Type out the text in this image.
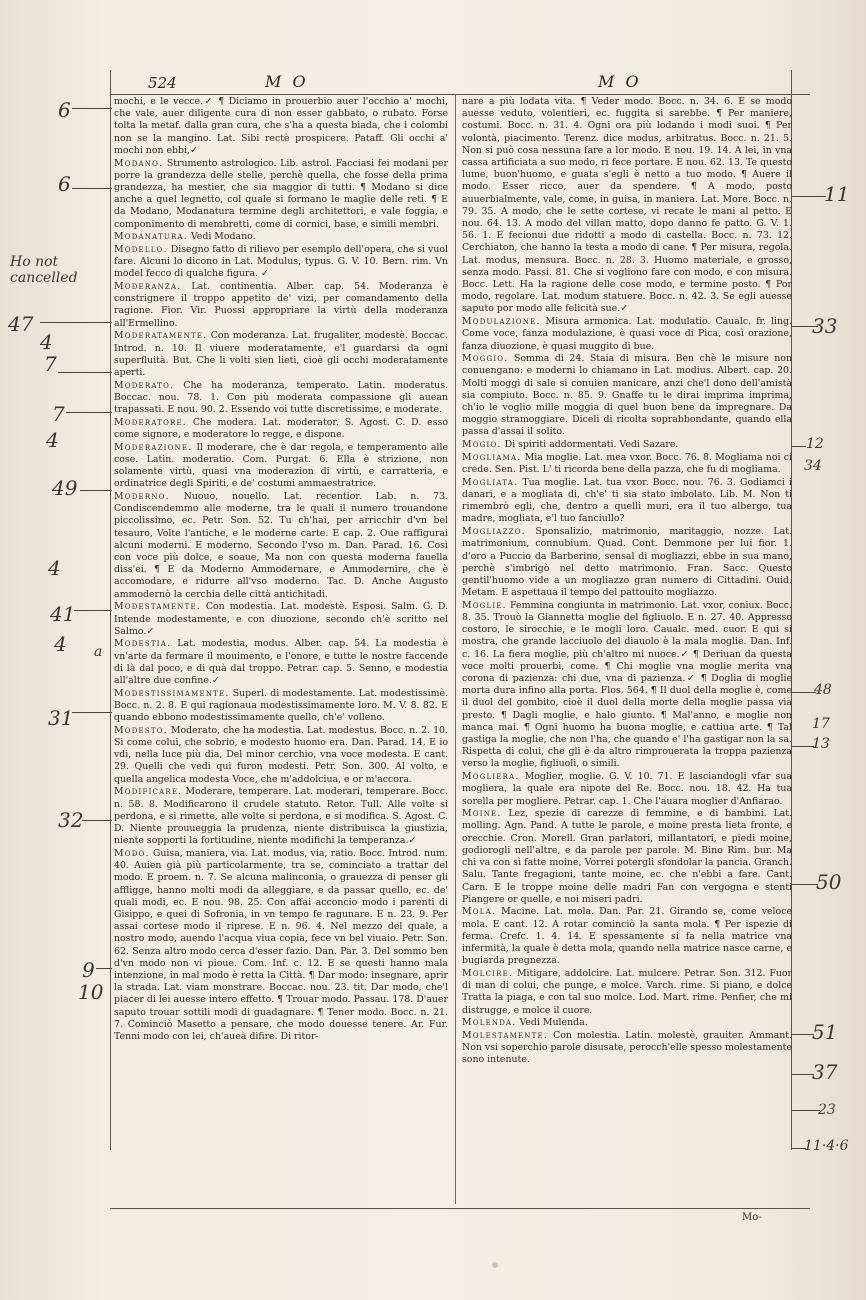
524	M O	M O

mochi, e le vecce.✓ ¶ Diciamo in prouerbio auer l'occhio a' mochi, che vale, auer diligente cura di non esser gabbato, o rubato. Forse tolta la metaf. dalla gran cura, che s'ha a questa biada, che i colombi non se la mangino. Lat. Sibi rectè prospicere. Pataff. Gli occhi a' mochi non ebbi,✓

Modano. Strumento astrologico. Lib. astrol. Facciasi fei modani per porre la grandezza delle stelle, perchè quella, che fosse della prima grandezza, ha mestier, che sia maggior di tutti. ¶ Modano si dice anche a quel legnetto, col quale si formano le maglie delle reti. ¶ E da Modano, Modanatura termine degli architettori, e vale foggia, e componimento di membretti, come di cornici, base, e simili membri.

Modanatura. Vedi Modano.

Modello. Disegno fatto di rilievo per esemplo dell'opera, che si vuol fare. Alcuni lo dicono in Lat. Modulus, typus. G. V. 10. Bern. rim. Vn model fecco di qualche figura. ✓

Moderanza. Lat. continentia. Alber. cap. 54. Moderanza è constrignere il troppo appetito de' vizi, per comandamento della ragione. Fior. Vir. Puossi appropriare la virtù della moderanza all'Ermellino.

Moderatamente. Con moderanza. Lat. frugaliter, modestè. Boccac. Introd. n. 10. Il viuere moderatamente, e'l guardarsi da ogni superfluità. But. Che li volti sien lieti, cioè gli occhi moderatamente aperti.

Moderato. Che ha moderanza, temperato. Latin. moderatus. Boccac. nou. 78. 1. Con più moderata compassione gli auean trapassati. E nou. 90. 2. Essendo voi tutte discretissime, e moderate.

Moderatore. Che modera. Lat. moderator. S. Agost. C. D. esso come signore, e moderatore lo regge, e dispone.

Moderazione. Il moderare, che è dar regola, e temperamento alle cose. Latin. moderatio. Com. Purgat. 6. Ella è strizione, non solamente virtù, quasi vna moderazion di virtù, e carratteria, e ordinatrice degli Spiriti, e de' costumi ammaestratrice.

Moderno. Nuouo, nouello. Lat. recentior. Lab. n. 73. Condiscendemmo alle moderne, tra le quali il numero trouandone piccolissimo, ec. Petr. Son. 52. Tu ch'hai, per arricchir d'vn bel tesauro, Volte l'antiche, e le moderne carte. E cap. 2. Oue raffigurai alcuni moderni. E moderno. Secondo l'vso m. Dan. Parad. 16. Così con voce più dolce, e soaue, Ma non con questa moderna fauella diss'ei. ¶ E da Moderno Ammodernare, e Ammodernire, che è accomodare, e ridurre all'vso moderno. Tac. D. Anche Augusto ammodernò la cerchia delle città antichitadi.

Modestamente. Con modestia. Lat. modestè. Esposi. Salm. G. D. Intende modestamente, e con diuozione, secondo ch'è scritto nel Salmo.✓

Modestia. Lat. modestia, modus. Alber. cap. 54. La modestia è vn'arte da fermare il mouimento, e l'onore, e tutte le nostre faccende di là dal poco, e di quà dal troppo. Petrar. cap. 5. Senno, e modestia all'altre due confine.✓

Modestissimamente. Superl. di modestamente. Lat. modestissimè. Bocc. n. 2. 8. E qui ragionaua modestissimamente loro. M. V. 8. 82. E quando ebbono modestissimamente quello, ch'e' volleno.

Modesto. Moderato, che ha modestia. Lat. modestus. Bocc. n. 2. 10. Si come colui, che sobrio, e modesto huomo era. Dan. Parad. 14. E io vdi, nella luce più dia, Del minor cerchio, vna voce modesta. E cant. 29. Quelli che vedi qui furon modesti. Petr. Son. 300. Al volto, e quella angelica modesta Voce, che m'addolciua, e or m'accora.

Modificare. Moderare, temperare. Lat. moderari, temperare. Bocc. n. 58. 8. Modificarono il crudele statuto. Retor. Tull. Alle volte si perdona, e si rimette, alle volte si perdona, e si modifica. S. Agost. C. D. Niente prouueggia la prudenza, niente distribuisca la giustizia, niente sopporti la fortitudine, niente modifichi la temperanza.✓

Modo. Guisa, maniera, via. Lat. modus, via, ratio. Bocc. Introd. num. 40. Auien già più particolarmente, tra se, cominciato a trattar del modo. E proem. n. 7. Se alcuna malinconia, o grauezza di penser gli affligge, hanno molti modi da alleggiare, e da passar quello, ec. de' quali modi, ec. E nou. 98. 25. Con affai acconcio modo i parenti di Gisippo, e quei di Sofronia, in vn tempo fe ragunare. E n. 23. 9. Per assai cortese modo il riprese. E n. 96. 4. Nel mezzo del quale, a nostro modo, auendo l'acqua viua copia, fece vn bel viuaio. Petr. Son. 62. Senza altro modo cerca d'esser fazio. Dan. Par. 3. Del sommo ben d'vn modo non vi pioue. Com. Inf. c. 12. E se questi hanno mala intenzione, in mal modo è retta la Città. ¶ Dar modo: insegnare, aprir la strada. Lat. viam monstrare. Boccac. nou. 23. tit. Dar modo, che'l piacer di lei auesse intero effetto. ¶ Trouar modo. Passau. 178. D'auer saputo trouar sottili modi di guadagnare. ¶ Tener modo. Bocc. n. 21. 7. Cominciò Masetto a pensare, che modo douesse tenere. Ar. Fur. Tenni modo con lei, ch'aueà difire. Di ritor-

nare a più lodata vita. ¶ Veder modo. Bocc. n. 34. 6. E se modo auesse veduto, volentieri, ec. fuggita si sarebbe. ¶ Per maniere, costumi. Bocc. n. 31. 4. Ogni ora più lodando i modi suoi. ¶ Per volontà, piacimento. Terenz. dice modus, arbitratus. Bocc. n. 21. 5. Non si può cosa nessuna fare a lor modo. E nou. 19. 14. A lei, in vna cassa artificiata a suo modo, ri fece portare. E nou. 62. 13. Te questo lume, buon'huomo, e guata s'egli è netto a tuo modo. ¶ Auere il modo. Esser ricco, auer da spendere. ¶ A modo, posto auuerbialmente, vale, come, in guisa, in maniera. Lat. More. Bocc. n. 79. 35. A modo, che le sette cortese, vi recate le mani al petto. E nou. 64. 13. A modo del villan matto, dopo danno fe patto. G. V. 1. 56. 1. E fecionui due ridotti a modo di castella. Bocc. n. 73. 12. Cerchiaton, che hanno la testa a modo di cane. ¶ Per misura, regola. Lat. modus, mensura. Bocc. n. 28. 3. Huomo materiale, e grosso, senza modo. Passi. 81. Che si vogliono fare con modo, e con misura. Bocc. Lett. Ha la ragione delle cose modo, e termine posto. ¶ Por modo, regolare. Lat. modum statuere. Bocc. n. 42. 3. Se egli auesse saputo por modo alle felicità sue.✓

Modulazione. Misura armonica. Lat. modulatio. Caualc. fr. ling. Come voce, fanza modulazione, è quasi voce di Pica, così orazione, fanza diuozione, è quasi muggito di bue.

Moggio. Somma di 24. Staia di misura. Ben chè le misure non conuengano: e moderni lo chiamano in Lat. modius. Albert. cap. 20. Molti moggi di sale si conuien manicare, anzi che'l dono dell'amistà sia compiuto. Bocc. n. 85. 9. Gnaffe tu le dirai imprima imprima, ch'io le voglio mille moggia di quel buon bene da impregnare. Da moggio stramoggiare. Diceli di ricolta soprabbondante, quando ella passa d'assai il solito.

Mogio. Di spiriti addormentati. Vedi Sazare.

Mogliama. Mia moglie. Lat. mea vxor. Bocc. 76. 8. Mogliama noi ci crede. Sen. Pist. L' ti ricorda bene della pazza, che fu di mogliama.

Mogliata. Tua moglie. Lat. tua vxor. Bocc. nou. 76. 3. Godiamci i danari, e a mogliata di, ch'e' ti sia stato imbolato. Lib. M. Non ti rimembrò egli, che, dentro a quelli muri, era il tuo albergo, tua madre, mogliata, e'l tuo fanciullo?

Mogliazzo. Sponsalizio, matrimonio, maritaggio, nozze. Lat. matrimonium, connubium. Quad. Cont. Demmone per lui fior. 1. d'oro a Puccio da Barberino, sensal di mogliazzi, ebbe in sua mano, perchè s'imbrigò nel detto matrimonio. Fran. Sacc. Questo gentil'huomo vide a un mogliazzo gran numero di Cittadini. Ouid. Metam. E aspettaua il tempo del pattouito mogliazzo.

Moglie. Femmina congiunta in matrimonio. Lat. vxor, coniux. Bocc. 8. 35. Trouò la Giannetta moglie del figliuolo. E n. 27. 40. Appresso costoro, le sirocchie, e le mogli loro. Caualc. med. cuor. E qui si mostra, che grande lacciuolo del diauolo è la mala moglie. Dan. Inf. c. 16. La fiera moglie, più ch'altro mi nuoce.✓ ¶ Deriuan da questa voce molti prouerbi, come. ¶ Chi moglie vna moglie merita vna corona di pazienza: chi due, vna di pazienza.✓ ¶ Doglia di moglie morta dura infino alla porta. Flos. 564. ¶ Il duol della moglie è, come il duol del gombito, cioè il duol della morte della moglie passa via presto. ¶ Dagli moglie, e halo giunto. ¶ Mal'anno, e moglie non manca mai. ¶ Ogni huomo ha buona moglie, e cattiua arte. ¶ Tal gastiga la moglie, che non l'ha, che quando e' l'ha gastigar non la sa. Rispetta di colui, che gli è da altro rimprouerata la troppa pazienza verso la moglie, figliuoli, o simili.

Mogliera. Moglier, moglie. G. V. 10. 71. E lasciandogli vfar sua mogliera, la quale era nipote del Re. Bocc. nou. 18. 42. Ha tua sorella per mogliere. Petrar. cap. 1. Che l'auara moglier d'Anfiarao.

Moine. Lez, spezie di carezze di femmine, e di bambini. Lat. molling. Agn. Pand. A tutte le parole, e moine presta lieta fronte, e orecchie. Cron. Morell. Gran parlatori, millantatori, e piedi moine, godiorogli nell'altre, e da parole per parole. M. Bino Rim. bur. Ma chi va con sì fatte moine, Vorrei potergli sfondolar la pancia. Granch. Salu. Tante fregagioni, tante moine, ec. che n'ebbi a fare. Cant. Carn. E le troppe moine delle madri Fan con vergogna e stenti Piangere or quelle, e noi miseri padri.

Mola. Macine. Lat. mola. Dan. Par. 21. Girando se, come veloce mola. E cant. 12. A rotar cominciò la santa mola. ¶ Per ispezie di ferma. Crefc. 1. 4. 14. E spessamente si fa nella matrice vna infermità, la quale è detta mola, quando nella matrice nasce carne, e bugiarda pregnezza.

Molcire. Mitigare, addolcire. Lat. mulcere. Petrar. Son. 312. Fuor di man di colui, che punge, e molce. Varch. rime. Si piano, e dolce Tratta la piaga, e con tal suo molce. Lod. Mart. rime. Penfier, che mi distrugge, e molce il cuore.

Molenda. Vedi Mulenda.

Molestamente. Con molestia. Latin. molestè, grauiter. Ammant. Non vsi soperchio parole disusate, perocch'elle spesso molestamente sono intenute.

Mo-
6
6
Ho not cancelled
47
4
7
7
4
49
4
41
4 a
31
32
9
10
11
33
12
34
48
17
13
50
51
37
23
11·4·6
